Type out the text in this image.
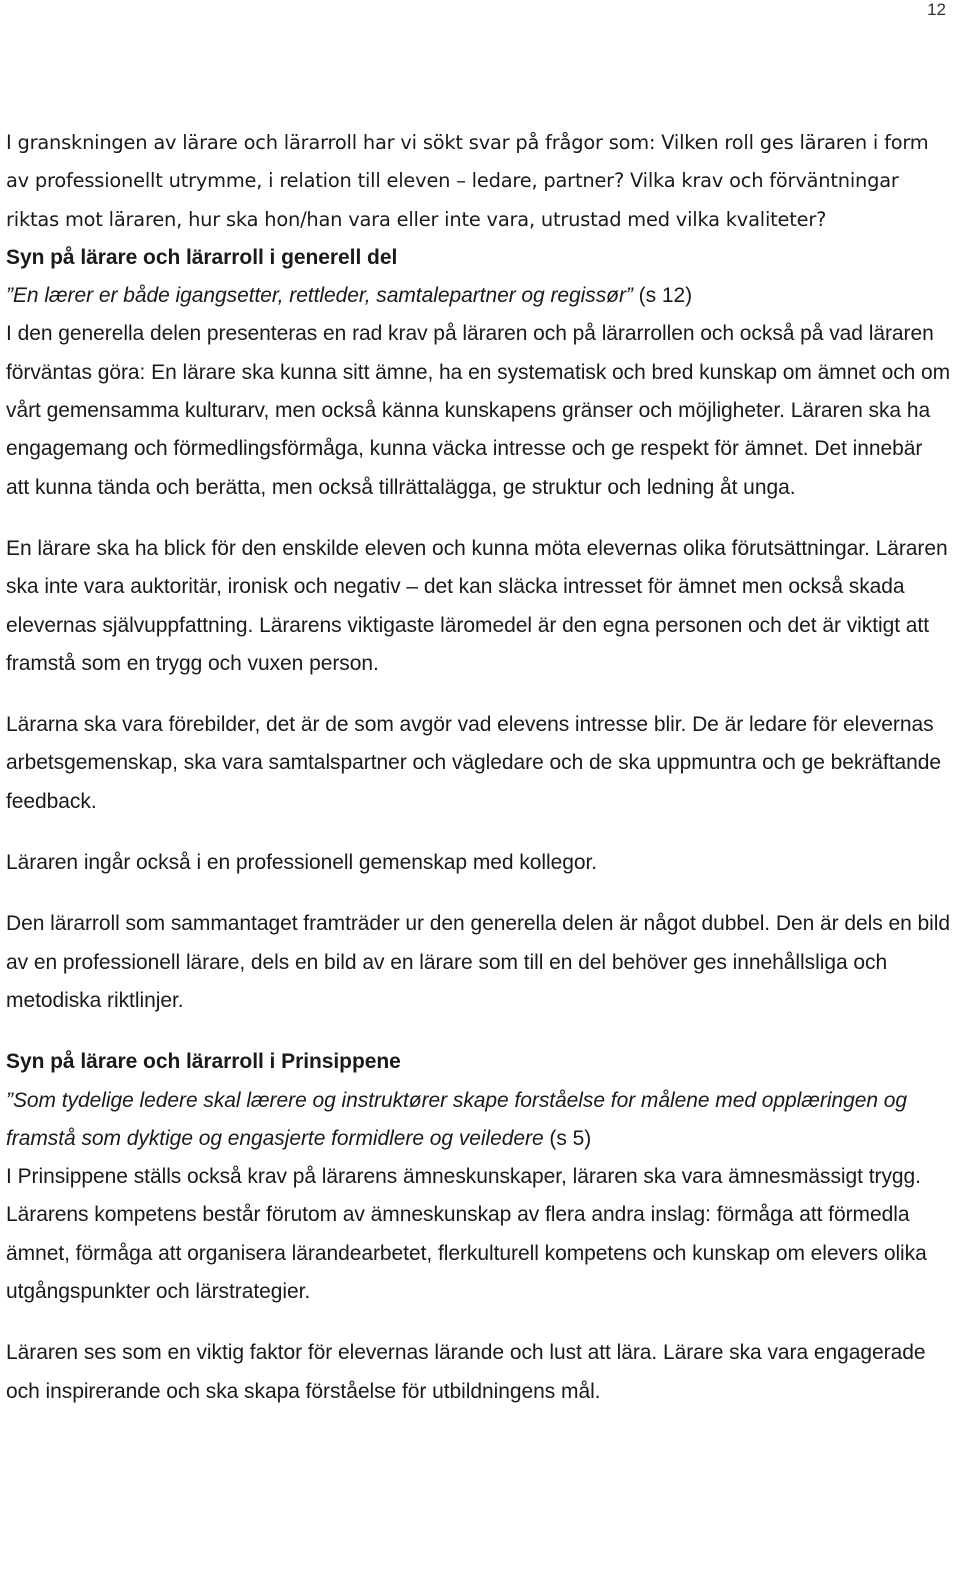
12

I granskningen av lärare och lärarroll har vi sökt svar på frågor som: Vilken roll ges läraren i form av professionellt utrymme, i relation till eleven – ledare, partner? Vilka krav och förväntningar riktas mot läraren, hur ska hon/han vara eller inte vara, utrustad med vilka kvaliteter?

Syn på lärare och lärarroll i generell del

”En lærer er både igangsetter, rettleder, samtalepartner og regissør” (s 12)

I den generella delen presenteras en rad krav på läraren och på lärarrollen och också på vad läraren förväntas göra: En lärare ska kunna sitt ämne, ha en systematisk och bred kunskap om ämnet och om vårt gemensamma kulturarv, men också känna kunskapens gränser och möjligheter. Läraren ska ha engagemang och förmedlingsförmåga, kunna väcka intresse och ge respekt för ämnet. Det innebär att kunna tända och berätta, men också tillrättalägga, ge struktur och ledning åt unga.

En lärare ska ha blick för den enskilde eleven och kunna möta elevernas olika förutsättningar. Läraren ska inte vara auktoritär, ironisk och negativ – det kan släcka intresset för ämnet men också skada elevernas självuppfattning. Lärarens viktigaste läromedel är den egna personen och det är viktigt att framstå som en trygg och vuxen person.

Lärarna ska vara förebilder, det är de som avgör vad elevens intresse blir. De är ledare för elevernas arbetsgemenskap, ska vara samtalspartner och vägledare och de ska uppmuntra och ge bekräftande feedback.

Läraren ingår också i en professionell gemenskap med kollegor.

Den lärarroll som sammantaget framträder ur den generella delen är något dubbel. Den är dels en bild av en professionell lärare, dels en bild av en lärare som till en del behöver ges innehållsliga och metodiska riktlinjer.

Syn på lärare och lärarroll i Prinsippene

”Som tydelige ledere skal lærere og instruktører skape forståelse for målene med opplæringen og framstå som dyktige og engasjerte formidlere og veiledere (s 5)

I Prinsippene ställs också krav på lärarens ämneskunskaper, läraren ska vara ämnesmässigt trygg. Lärarens kompetens består förutom av ämneskunskap av flera andra inslag: förmåga att förmedla ämnet, förmåga att organisera lärandearbetet, flerkulturell kompetens och kunskap om elevers olika utgångspunkter och lärstrategier.

Läraren ses som en viktig faktor för elevernas lärande och lust att lära. Lärare ska vara engagerade och inspirerande och ska skapa förståelse för utbildningens mål.
